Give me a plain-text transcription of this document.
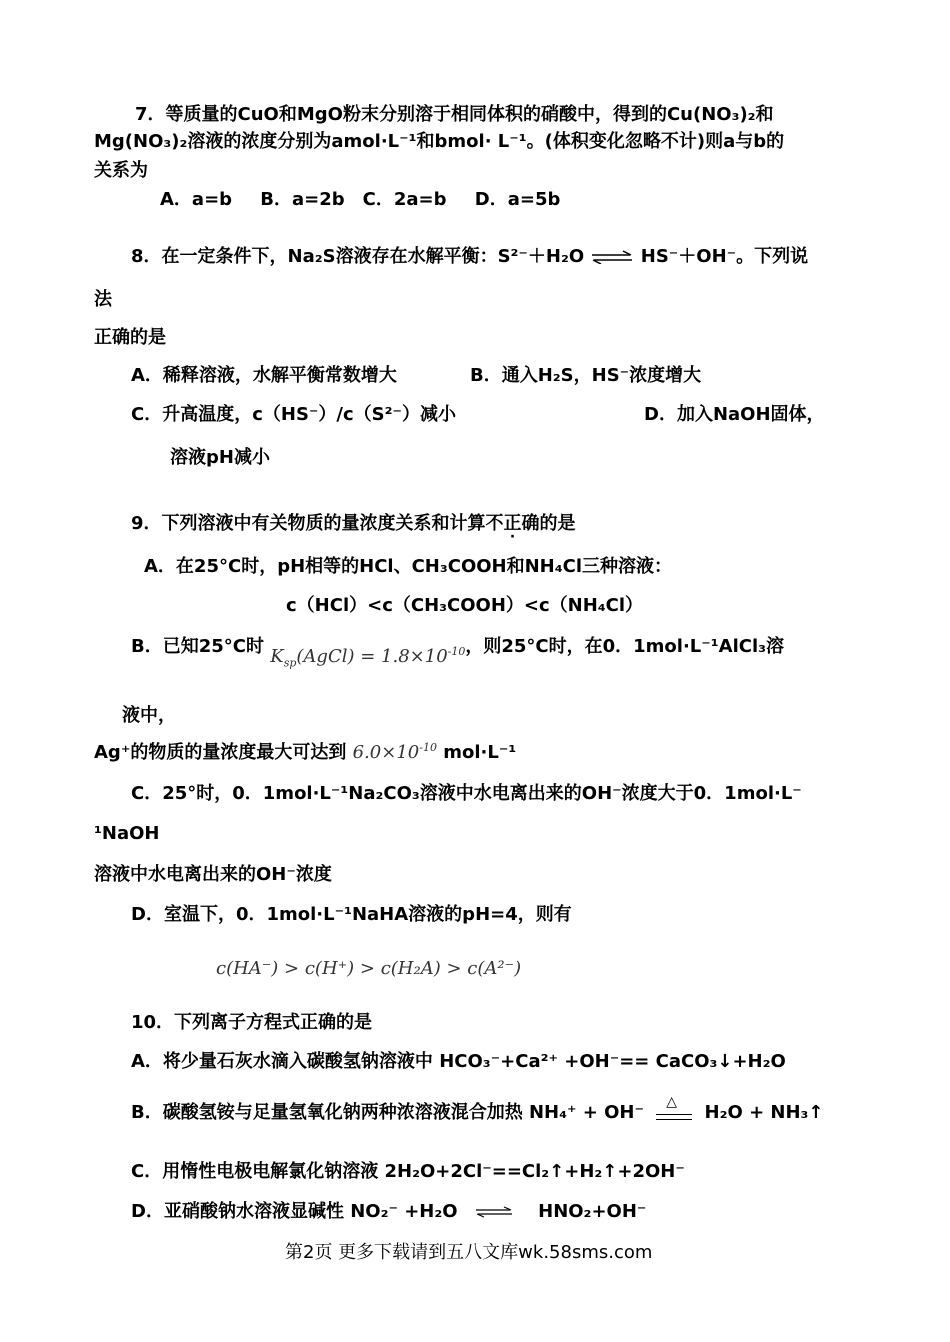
7．等质量的CuO和MgO粉末分别溶于相同体积的硝酸中，得到的Cu(NO₃)₂和
Mg(NO₃)₂溶液的浓度分别为amol·L⁻¹和bmol· L⁻¹。(体积变化忽略不计)则a与b的
关系为
A．a=b　 B．a=2b　C．2a=b　 D．a=5b
8．在一定条件下，Na₂S溶液存在水解平衡：S²⁻＋H₂O ⇌ HS⁻＋OH⁻。下列说
法
正确的是
A．稀释溶液，水解平衡常数增大	B．通入H₂S，HS⁻浓度增大
C．升高温度，c（HS⁻）/c（S²⁻）减小	D．加入NaOH固体，
溶液pH减小
9．下列溶液中有关物质的量浓度关系和计算不正确的是
A．在25°C时，pH相等的HCl、CH₃COOH和NH₄Cl三种溶液：
c（HCl）<c（CH₃COOH）<c（NH₄Cl）
B．已知25°C时 $K_{sp}(AgCl) = 1.8\times 10^{-10}$，则25°C时，在0．1mol·L⁻¹AlCl₃溶
液中，
Ag⁺的物质的量浓度最大可达到 $6.0\times 10^{-10}$ mol·L⁻¹
C．25°时，0．1mol·L⁻¹Na₂CO₃溶液中水电离出来的OH⁻浓度大于0．1mol·L⁻
¹NaOH
溶液中水电离出来的OH⁻浓度
D．室温下，0．1mol·L⁻¹NaHA溶液的pH=4，则有
c(HA⁻) > c(H⁺) > c(H₂A) > c(A²⁻)
10．下列离子方程式正确的是
A．将少量石灰水滴入碳酸氢钠溶液中 HCO₃⁻+Ca²⁺ +OH⁻== CaCO₃↓+H₂O
B．碳酸氢铵与足量氢氧化钠两种浓溶液混合加热 NH₄⁺ + OH⁻ △ H₂O + NH₃↑
C．用惰性电极电解氯化钠溶液 2H₂O+2Cl⁻==Cl₂↑+H₂↑+2OH⁻
D．亚硝酸钠水溶液显碱性 NO₂⁻ +H₂O ⇌ HNO₂+OH⁻
第2页 更多下载请到五八文库wk.58sms.com
